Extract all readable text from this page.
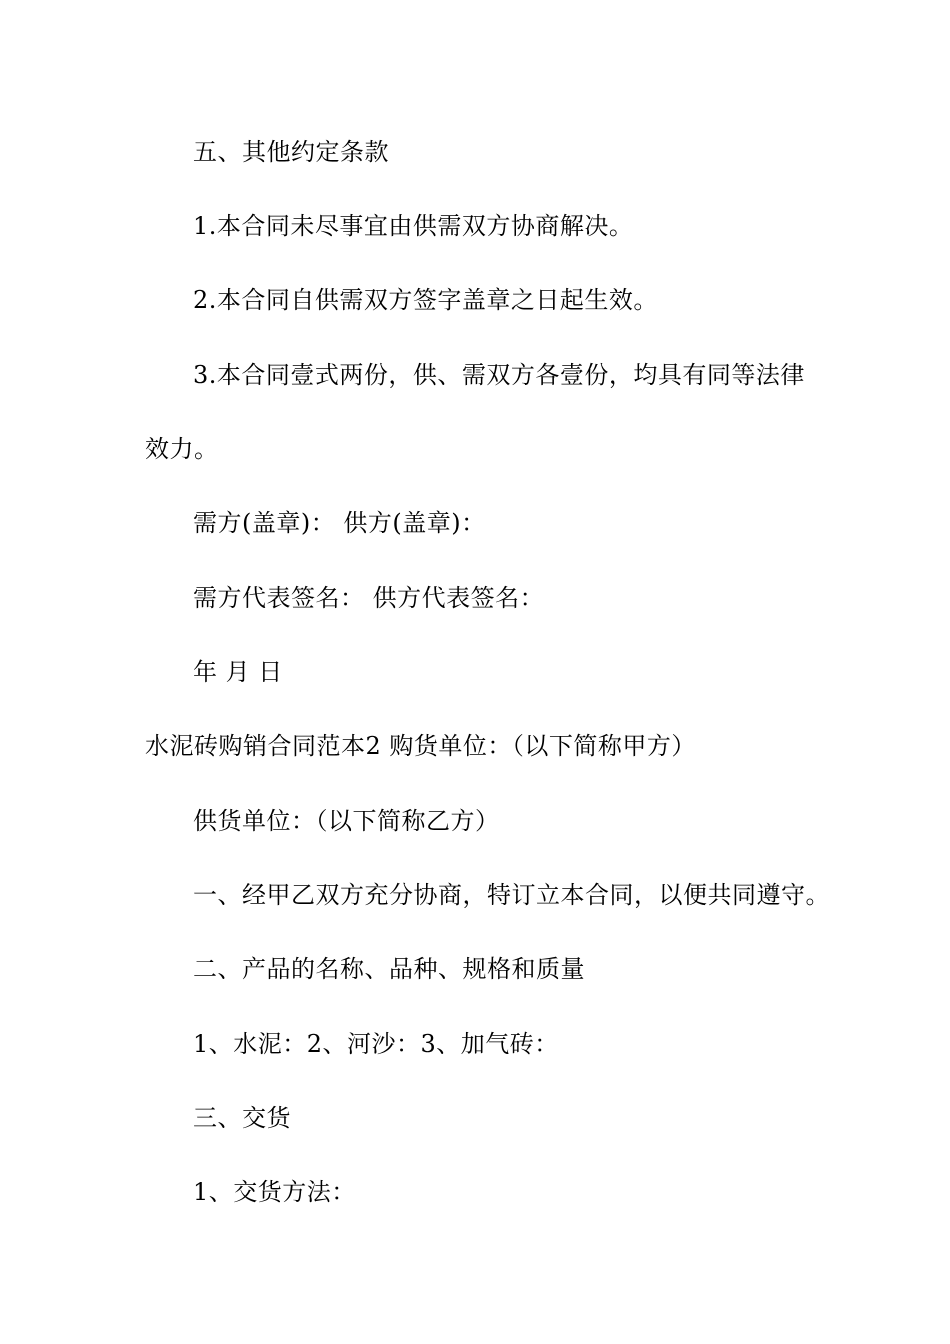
五、其他约定条款
1.本合同未尽事宜由供需双方协商解决。
2.本合同自供需双方签字盖章之日起生效。
3.本合同壹式两份，供、需双方各壹份，均具有同等法律
效力。
需方(盖章)： 供方(盖章)：
需方代表签名： 供方代表签名：
年 月 日
水泥砖购销合同范本2 购货单位：（以下简称甲方）
供货单位：（以下简称乙方）
一、经甲乙双方充分协商，特订立本合同，以便共同遵守。
二、产品的名称、品种、规格和质量
1、水泥：2、河沙：3、加气砖：
三、交货
1、交货方法：
